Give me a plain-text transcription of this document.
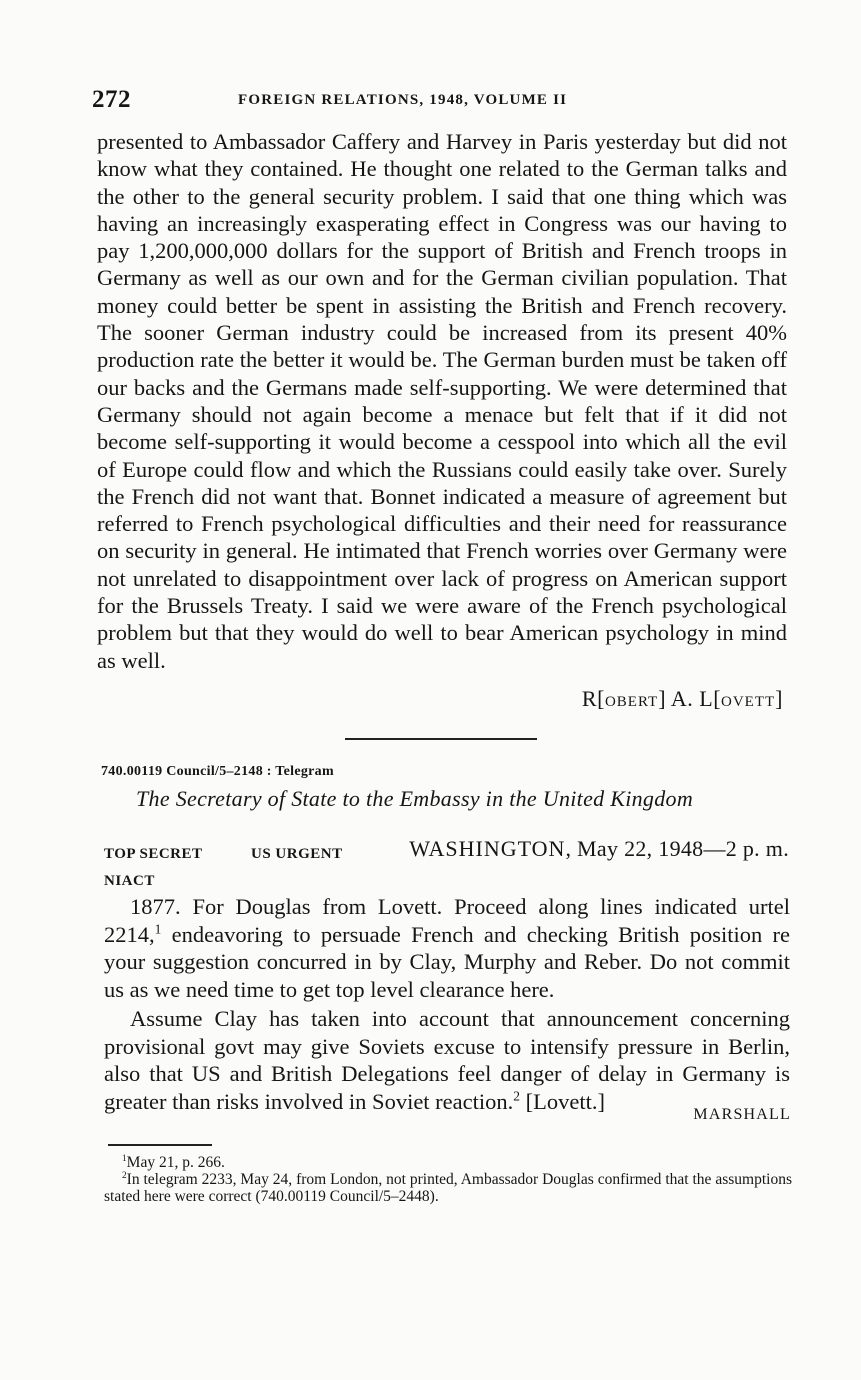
272	FOREIGN RELATIONS, 1948, VOLUME II

presented to Ambassador Caffery and Harvey in Paris yesterday but did not know what they contained. He thought one related to the German talks and the other to the general security problem. I said that one thing which was having an increasingly exasperating effect in Congress was our having to pay 1,200,000,000 dollars for the support of British and French troops in Germany as well as our own and for the German civilian population. That money could better be spent in assisting the British and French recovery. The sooner German industry could be increased from its present 40% production rate the better it would be. The German burden must be taken off our backs and the Germans made self-supporting. We were determined that Germany should not again become a menace but felt that if it did not become self-supporting it would become a cesspool into which all the evil of Europe could flow and which the Russians could easily take over. Surely the French did not want that. Bonnet indicated a measure of agreement but referred to French psychological difficulties and their need for reassurance on security in general. He intimated that French worries over Germany were not unrelated to disappointment over lack of progress on American support for the Brussels Treaty. I said we were aware of the French psychological problem but that they would do well to bear American psychology in mind as well.

R[OBERT] A. L[OVETT]
740.00119 Council/5–2148 : Telegram
The Secretary of State to the Embassy in the United Kingdom
TOP SECRET	US URGENT	WASHINGTON, May 22, 1948—2 p. m.
NIACT

1877. For Douglas from Lovett. Proceed along lines indicated urtel 2214,$^1$ endeavoring to persuade French and checking British position re your suggestion concurred in by Clay, Murphy and Reber. Do not commit us as we need time to get top level clearance here.

Assume Clay has taken into account that announcement concerning provisional govt may give Soviets excuse to intensify pressure in Berlin, also that US and British Delegations feel danger of delay in Germany is greater than risks involved in Soviet reaction.$^2$ [Lovett.]

MARSHALL

$^1$May 21, p. 266.

$^2$In telegram 2233, May 24, from London, not printed, Ambassador Douglas confirmed that the assumptions stated here were correct (740.00119 Council/5–2448).
